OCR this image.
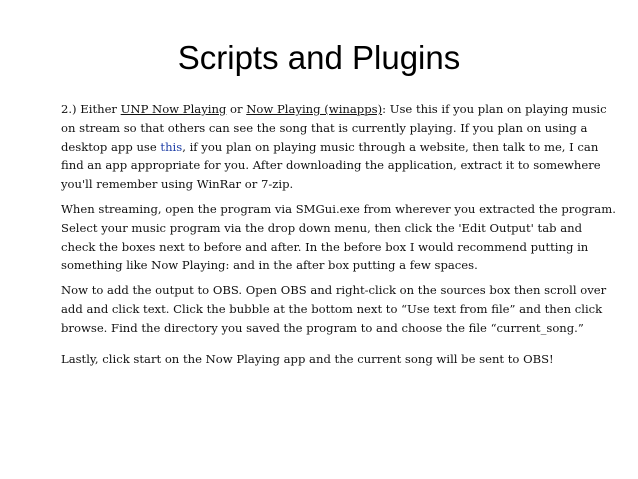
Scripts and Plugins

2.) Either UNP Now Playing or Now Playing (winapps): Use this if you plan on playing music on stream so that others can see the song that is currently playing. If you plan on using a desktop app use this, if you plan on playing music through a website, then talk to me, I can find an app appropriate for you. After downloading the application, extract it to somewhere you'll remember using WinRar or 7-zip.

When streaming, open the program via SMGui.exe from wherever you extracted the program. Select your music program via the drop down menu, then click the 'Edit Output' tab and check the boxes next to before and after. In the before box I would recommend putting in something like Now Playing: and in the after box putting a few spaces.

Now to add the output to OBS. Open OBS and right-click on the sources box then scroll over add and click text. Click the bubble at the bottom next to “Use text from file” and then click browse. Find the directory you saved the program to and choose the file “current_song.”

Lastly, click start on the Now Playing app and the current song will be sent to OBS!
